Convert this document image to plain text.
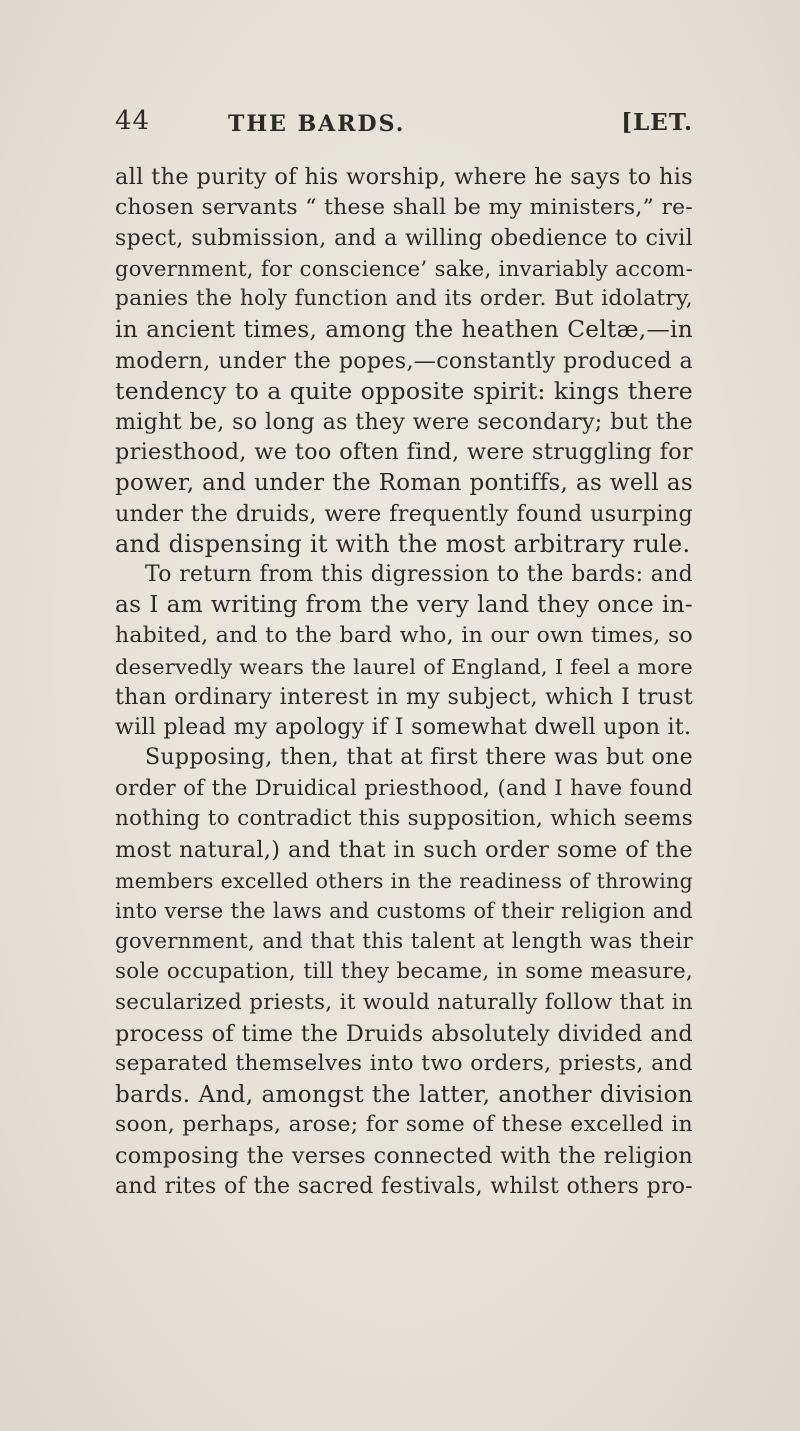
44	THE BARDS.	[LET.
all the purity of his worship, where he says to his
chosen servants “ these shall be my ministers,” re-
spect, submission, and a willing obedience to civil
government, for conscience’ sake, invariably accom-
panies the holy function and its order. But idolatry,
in ancient times, among the heathen Celtæ,—in
modern, under the popes,—constantly produced a
tendency to a quite opposite spirit: kings there
might be, so long as they were secondary; but the
priesthood, we too often find, were struggling for
power, and under the Roman pontiffs, as well as
under the druids, were frequently found usurping
and dispensing it with the most arbitrary rule.
To return from this digression to the bards: and
as I am writing from the very land they once in-
habited, and to the bard who, in our own times, so
deservedly wears the laurel of England, I feel a more
than ordinary interest in my subject, which I trust
will plead my apology if I somewhat dwell upon it.
Supposing, then, that at first there was but one
order of the Druidical priesthood, (and I have found
nothing to contradict this supposition, which seems
most natural,) and that in such order some of the
members excelled others in the readiness of throwing
into verse the laws and customs of their religion and
government, and that this talent at length was their
sole occupation, till they became, in some measure,
secularized priests, it would naturally follow that in
process of time the Druids absolutely divided and
separated themselves into two orders, priests, and
bards. And, amongst the latter, another division
soon, perhaps, arose; for some of these excelled in
composing the verses connected with the religion
and rites of the sacred festivals, whilst others pro-
